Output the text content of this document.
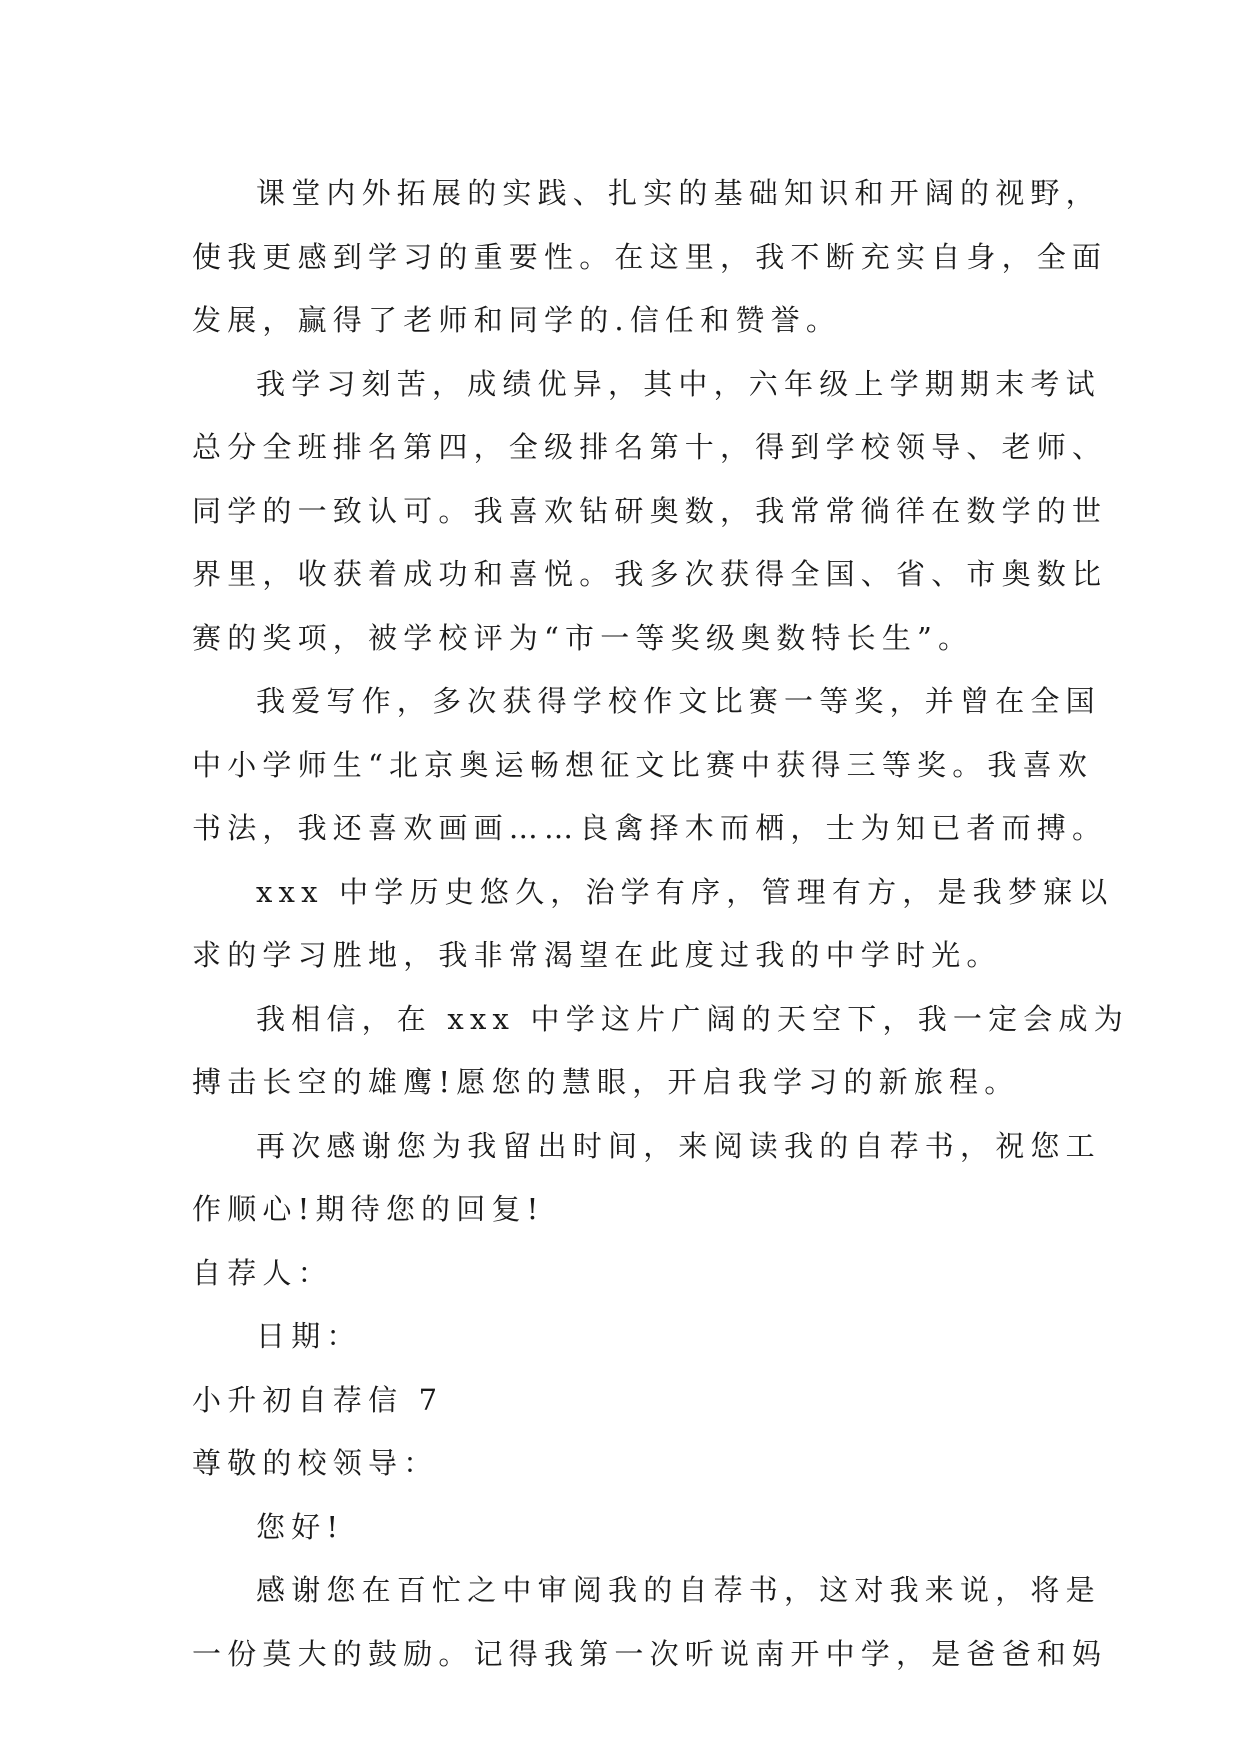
课堂内外拓展的实践、扎实的基础知识和开阔的视野，
使我更感到学习的重要性。在这里，我不断充实自身，全面
发展，赢得了老师和同学的.信任和赞誉。
我学习刻苦，成绩优异，其中，六年级上学期期末考试
总分全班排名第四，全级排名第十，得到学校领导、老师、
同学的一致认可。我喜欢钻研奥数，我常常徜徉在数学的世
界里，收获着成功和喜悦。我多次获得全国、省、市奥数比
赛的奖项，被学校评为“市一等奖级奥数特长生”。
我爱写作，多次获得学校作文比赛一等奖，并曾在全国
中小学师生“北京奥运畅想征文比赛中获得三等奖。我喜欢
书法，我还喜欢画画……良禽择木而栖，士为知已者而搏。
xxx 中学历史悠久，治学有序，管理有方，是我梦寐以
求的学习胜地，我非常渴望在此度过我的中学时光。
我相信，在 xxx 中学这片广阔的天空下，我一定会成为
搏击长空的雄鹰!愿您的慧眼，开启我学习的新旅程。
再次感谢您为我留出时间，来阅读我的自荐书，祝您工
作顺心!期待您的回复!
自荐人：
日期：
小升初自荐信 7
尊敬的校领导：
您好!
感谢您在百忙之中审阅我的自荐书，这对我来说，将是
一份莫大的鼓励。记得我第一次听说南开中学，是爸爸和妈
